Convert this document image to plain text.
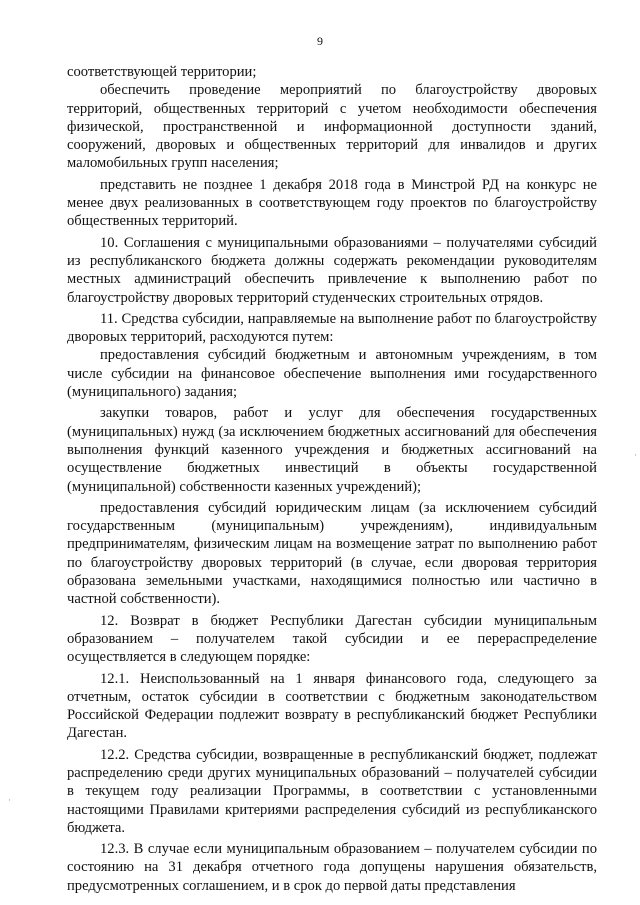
9
·
·

соответствующей территории;

обеспечить проведение мероприятий по благоустройству дворовых территорий, общественных территорий с учетом необходимости обеспечения физической, пространственной и информационной доступности зданий, сооружений, дворовых и общественных территорий для инвалидов и других маломобильных групп населения;

представить не позднее 1 декабря 2018 года в Минстрой РД на конкурс не менее двух реализованных в соответствующем году проектов по благоустройству общественных территорий.

10. Соглашения с муниципальными образованиями – получателями субсидий из республиканского бюджета должны содержать рекомендации руководителям местных администраций обеспечить привлечение к выполнению работ по благоустройству дворовых территорий студенческих строительных отрядов.

11. Средства субсидии, направляемые на выполнение работ по благоустройству дворовых территорий, расходуются путем:

предоставления субсидий бюджетным и автономным учреждениям, в том числе субсидии на финансовое обеспечение выполнения ими государственного (муниципального) задания;

закупки товаров, работ и услуг для обеспечения государственных (муниципальных) нужд (за исключением бюджетных ассигнований для обеспечения выполнения функций казенного учреждения и бюджетных ассигнований на осуществление бюджетных инвестиций в объекты государственной (муниципальной) собственности казенных учреждений);

предоставления субсидий юридическим лицам (за исключением субсидий государственным (муниципальным) учреждениям), индивидуальным предпринимателям, физическим лицам на возмещение затрат по выполнению работ по благоустройству дворовых территорий (в случае, если дворовая территория образована земельными участками, находящимися полностью или частично в частной собственности).

12. Возврат в бюджет Республики Дагестан субсидии муниципальным образованием – получателем такой субсидии и ее перераспределение осуществляется в следующем порядке:

12.1. Неиспользованный на 1 января финансового года, следующего за отчетным, остаток субсидии в соответствии с бюджетным законодательством Российской Федерации подлежит возврату в республиканский бюджет Республики Дагестан.

12.2. Средства субсидии, возвращенные в республиканский бюджет, подлежат распределению среди других муниципальных образований – получателей субсидии в текущем году реализации Программы, в соответствии с установленными настоящими Правилами критериями распределения субсидий из республиканского бюджета.

12.3. В случае если муниципальным образованием – получателем субсидии по состоянию на 31 декабря отчетного года допущены нарушения обязательств, предусмотренных соглашением, и в срок до первой даты представления
